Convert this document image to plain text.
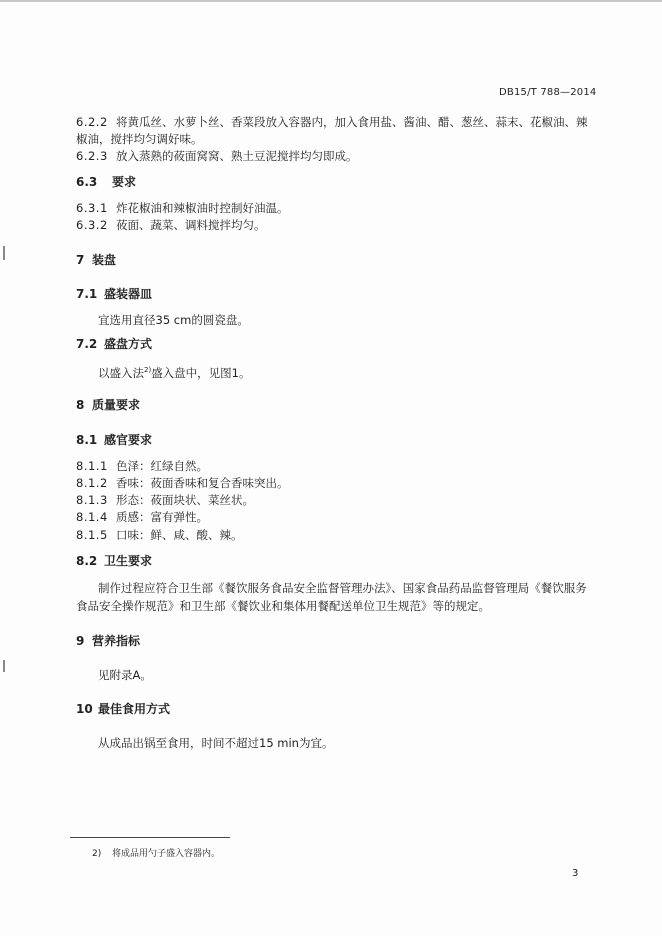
DB15/T 788—2014
6.2.2 将黄瓜丝、水萝卜丝、香菜段放入容器内，加入食用盐、酱油、醋、葱丝、蒜末、花椒油、辣
椒油，搅拌均匀调好味。
6.2.3 放入蒸熟的莜面窝窝、熟土豆泥搅拌均匀即成。
6.3 要求
6.3.1 炸花椒油和辣椒油时控制好油温。
6.3.2 莜面、蔬菜、调料搅拌均匀。
7 装盘
7.1 盛装器皿
宜选用直径35 cm的圆瓷盘。
7.2 盛盘方式
以盛入法$^{2)}$盛入盘中，见图1。
8 质量要求
8.1 感官要求
8.1.1 色泽：红绿自然。
8.1.2 香味：莜面香味和复合香味突出。
8.1.3 形态：莜面块状、菜丝状。
8.1.4 质感：富有弹性。
8.1.5 口味：鲜、咸、酸、辣。
8.2 卫生要求
制作过程应符合卫生部《餐饮服务食品安全监督管理办法》、国家食品药品监督管理局《餐饮服务
食品安全操作规范》和卫生部《餐饮业和集体用餐配送单位卫生规范》等的规定。
9 营养指标
见附录A。
10 最佳食用方式
从成品出锅至食用，时间不超过15 min为宜。
2) 将成品用勺子盛入容器内。
3
